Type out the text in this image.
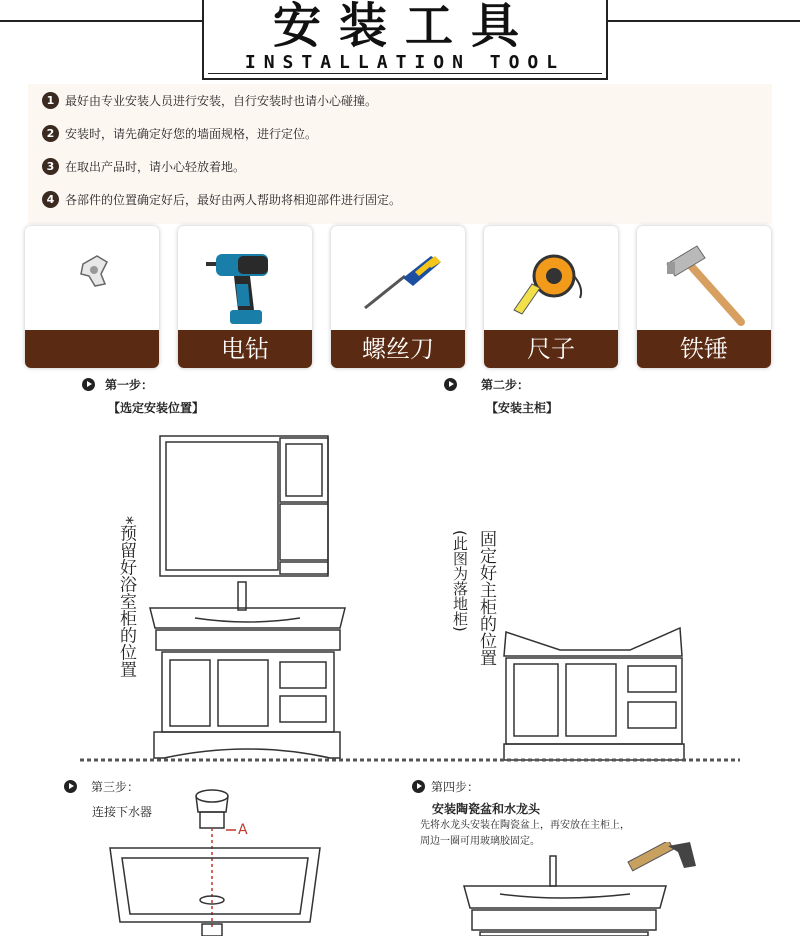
安装工具
INSTALLATION TOOL
1 最好由专业安装人员进行安装，自行安装时也请小心碰撞。
2 安装时，请先确定好您的墙面规格，进行定位。
3 在取出产品时，请小心轻放着地。
4 各部件的位置确定好后，最好由两人帮助将相迎部件进行固定。
电钻	螺丝刀	尺子	铁锤
第一步：
【选定安装位置】
第二步：
【安装主柜】
*预留好浴室柜的位置	固定好主柜的位置
(此图为落地柜)
第三步：
连接下水器
A
第四步：
安装陶瓷盆和水龙头
先将水龙头安装在陶瓷盆上，再安放在主柜上，
周边一圈可用玻璃胶固定。
